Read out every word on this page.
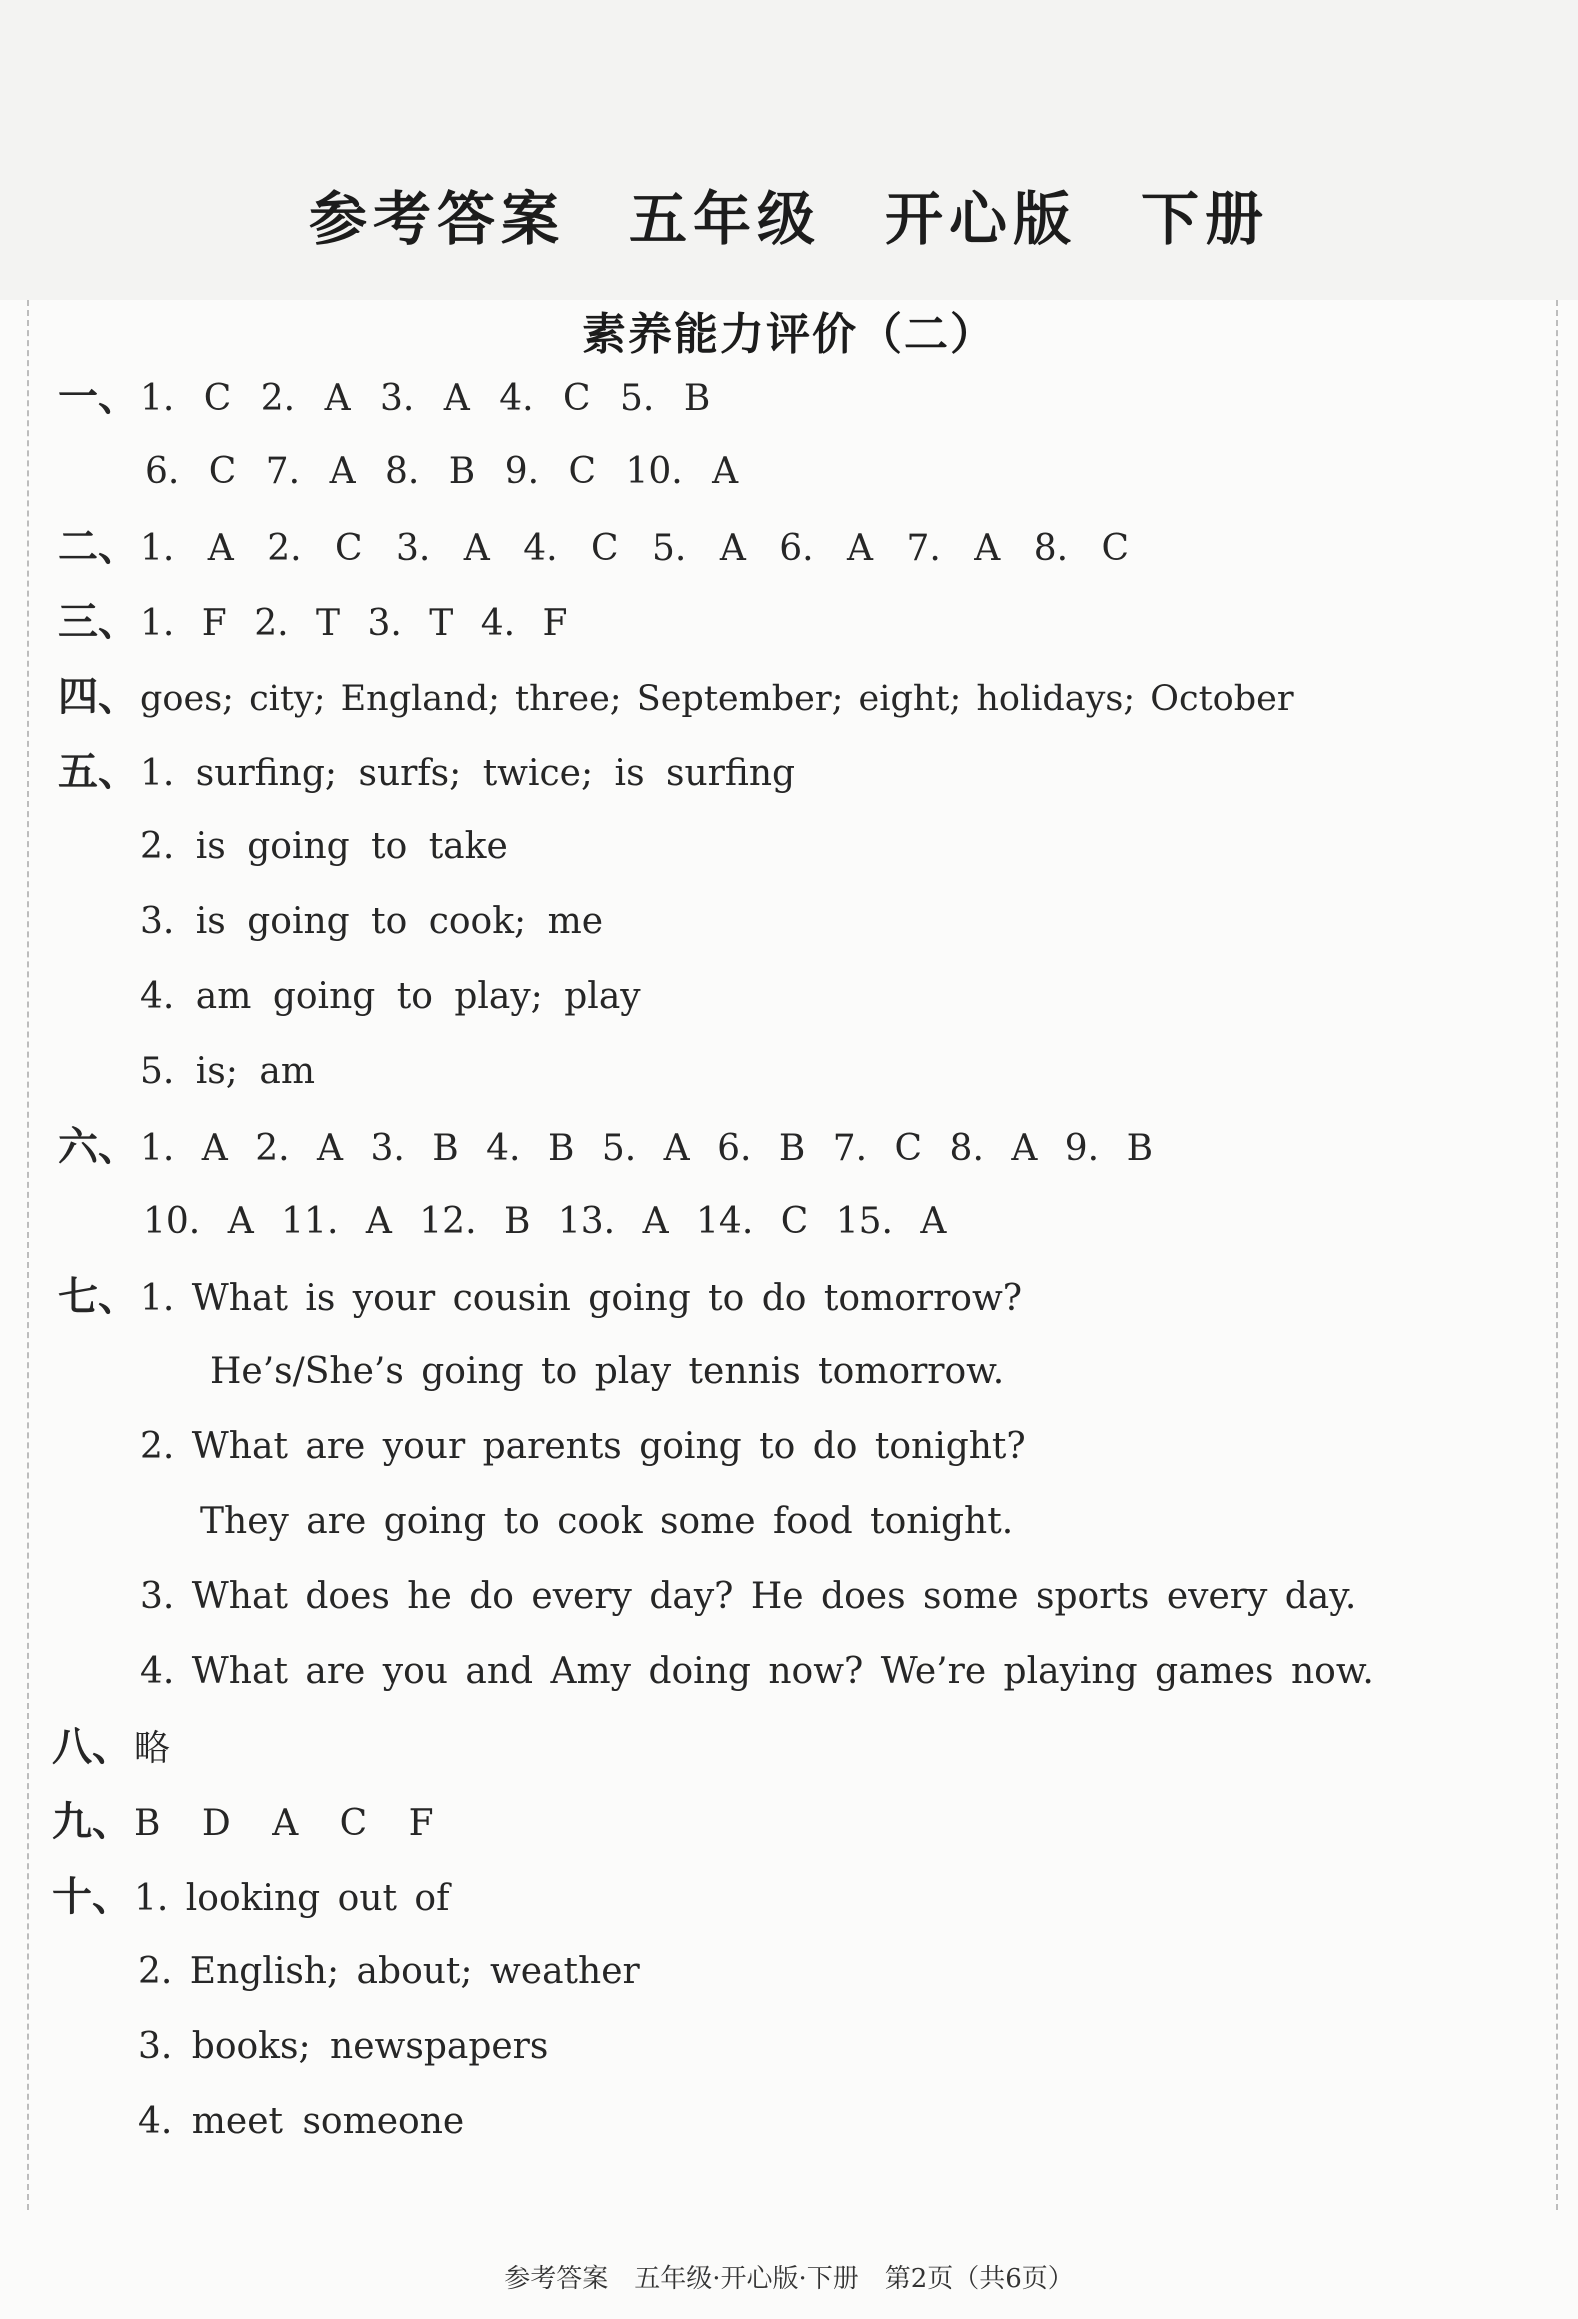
参考答案　五年级　开心版　下册
素养能力评价（二）
一、1. C 2. A 3. A 4. C 5. B
6. C 7. A 8. B 9. C 10. A
二、1. A 2. C 3. A 4. C 5. A 6. A 7. A 8. C
三、1. F 2. T 3. T 4. F
四、goes; city; England; three; September; eight; holidays; October
五、1. surfing; surfs; twice; is surfing
2. is going to take
3. is going to cook; me
4. am going to play; play
5. is; am
六、1. A 2. A 3. B 4. B 5. A 6. B 7. C 8. A 9. B
10. A 11. A 12. B 13. A 14. C 15. A
七、1. What is your cousin going to do tomorrow?
He’s/She’s going to play tennis tomorrow.
2. What are your parents going to do tonight?
They are going to cook some food tonight.
3. What does he do every day? He does some sports every day.
4. What are you and Amy doing now? We’re playing games now.
八、略
九、B D A C F
十、1. looking out of
2. English; about; weather
3. books; newspapers
4. meet someone
参考答案　五年级·开心版·下册　第2页（共6页）
